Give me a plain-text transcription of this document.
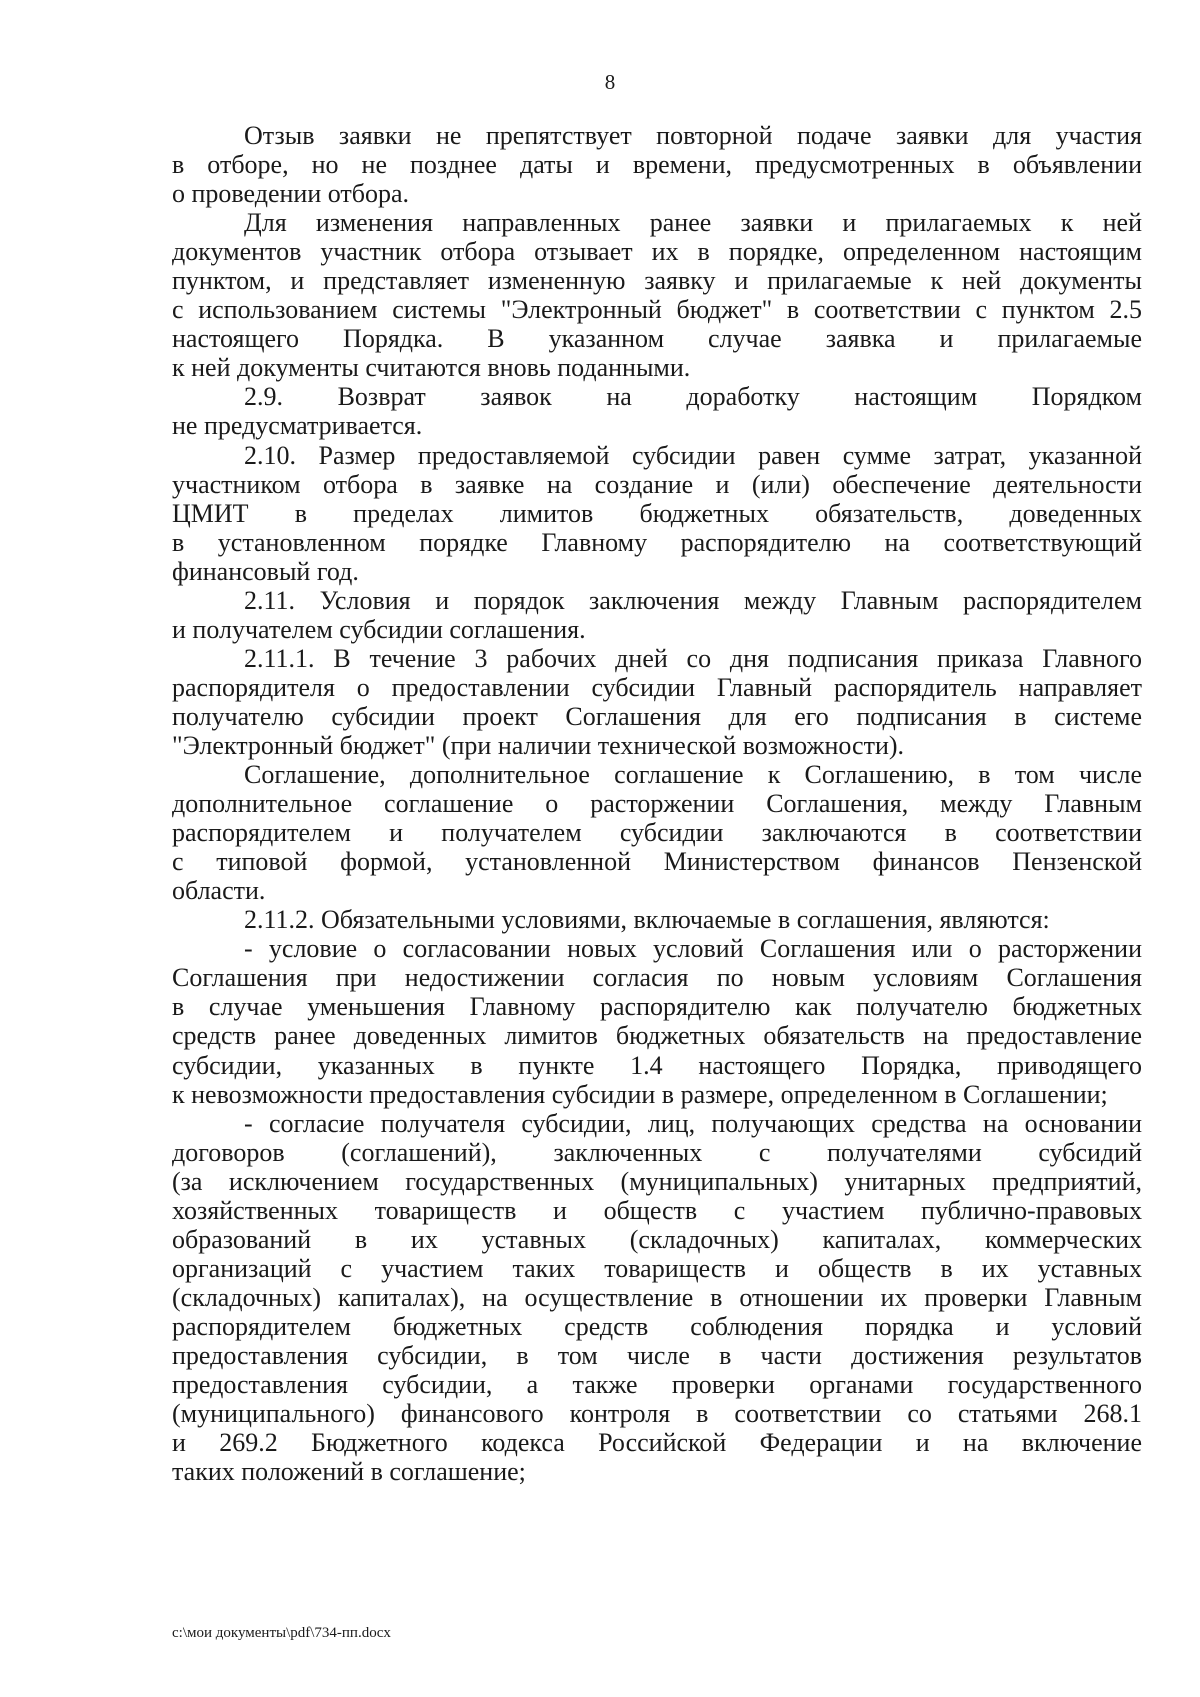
8
Отзыв заявки не препятствует повторной подаче заявки для участия
в отборе, но не позднее даты и времени, предусмотренных в объявлении
о проведении отбора.
Для изменения направленных ранее заявки и прилагаемых к ней
документов участник отбора отзывает их в порядке, определенном настоящим
пунктом, и представляет измененную заявку и прилагаемые к ней документы
с использованием системы "Электронный бюджет" в соответствии с пунктом 2.5
настоящего Порядка. В указанном случае заявка и прилагаемые
к ней документы считаются вновь поданными.
2.9. Возврат заявок на доработку настоящим Порядком
не предусматривается.
2.10. Размер предоставляемой субсидии равен сумме затрат, указанной
участником отбора в заявке на создание и (или) обеспечение деятельности
ЦМИТ в пределах лимитов бюджетных обязательств, доведенных
в установленном порядке Главному распорядителю на соответствующий
финансовый год.
2.11. Условия и порядок заключения между Главным распорядителем
и получателем субсидии соглашения.
2.11.1. В течение 3 рабочих дней со дня подписания приказа Главного
распорядителя о предоставлении субсидии Главный распорядитель направляет
получателю субсидии проект Соглашения для его подписания в системе
"Электронный бюджет" (при наличии технической возможности).
Соглашение, дополнительное соглашение к Соглашению, в том числе
дополнительное соглашение о расторжении Соглашения, между Главным
распорядителем и получателем субсидии заключаются в соответствии
с типовой формой, установленной Министерством финансов Пензенской
области.
2.11.2. Обязательными условиями, включаемые в соглашения, являются:
- условие о согласовании новых условий Соглашения или о расторжении
Соглашения при недостижении согласия по новым условиям Соглашения
в случае уменьшения Главному распорядителю как получателю бюджетных
средств ранее доведенных лимитов бюджетных обязательств на предоставление
субсидии, указанных в пункте 1.4 настоящего Порядка, приводящего
к невозможности предоставления субсидии в размере, определенном в Соглашении;
- согласие получателя субсидии, лиц, получающих средства на основании
договоров (соглашений), заключенных с получателями субсидий
(за исключением государственных (муниципальных) унитарных предприятий,
хозяйственных товариществ и обществ с участием публично-правовых
образований в их уставных (складочных) капиталах, коммерческих
организаций с участием таких товариществ и обществ в их уставных
(складочных) капиталах), на осуществление в отношении их проверки Главным
распорядителем бюджетных средств соблюдения порядка и условий
предоставления субсидии, в том числе в части достижения результатов
предоставления субсидии, а также проверки органами государственного
(муниципального) финансового контроля в соответствии со статьями 268.1
и 269.2 Бюджетного кодекса Российской Федерации и на включение
таких положений в соглашение;
c:\мои документы\pdf\734-пп.docx
